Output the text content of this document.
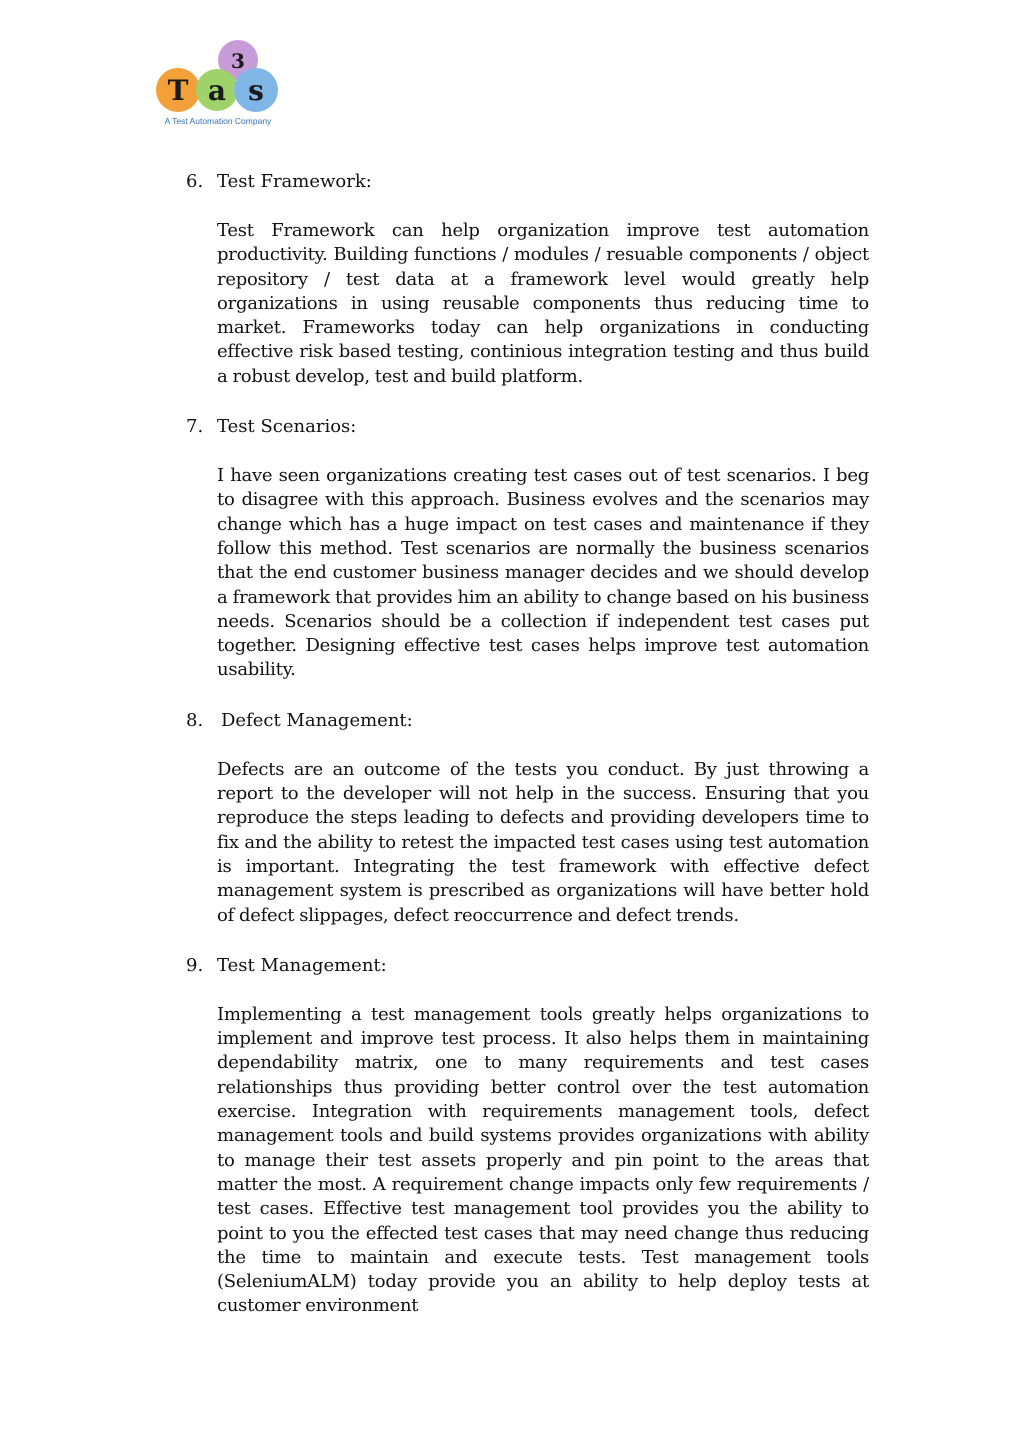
T a s
3
A Test Automation Company
6. Test Framework:
Test Framework can help organization improve test automation productivity. Building functions / modules / resuable components / object repository / test data at a framework level would greatly help organizations in using reusable components thus reducing time to market. Frameworks today can help organizations in conducting effective risk based testing, continious integration testing and thus build a robust develop, test and build platform.
7. Test Scenarios:
I have seen organizations creating test cases out of test scenarios. I beg to disagree with this approach. Business evolves and the scenarios may change which has a huge impact on test cases and maintenance if they follow this method. Test scenarios are normally the business scenarios that the end customer business manager decides and we should develop a framework that provides him an ability to change based on his business needs. Scenarios should be a collection if independent test cases put together. Designing effective test cases helps improve test automation usability.
8. Defect Management:
Defects are an outcome of the tests you conduct. By just throwing a report to the developer will not help in the success. Ensuring that you reproduce the steps leading to defects and providing developers time to fix and the ability to retest the impacted test cases using test automation is important. Integrating the test framework with effective defect management system is prescribed as organizations will have better hold of defect slippages, defect reoccurrence and defect trends.
9. Test Management:
Implementing a test management tools greatly helps organizations to implement and improve test process. It also helps them in maintaining dependability matrix, one to many requirements and test cases relationships thus providing better control over the test automation exercise. Integration with requirements management tools, defect management tools and build systems provides organizations with ability to manage their test assets properly and pin point to the areas that matter the most. A requirement change impacts only few requirements / test cases. Effective test management tool provides you the ability to point to you the effected test cases that may need change thus reducing the time to maintain and execute tests. Test management tools (SeleniumALM) today provide you an ability to help deploy tests at customer environment
